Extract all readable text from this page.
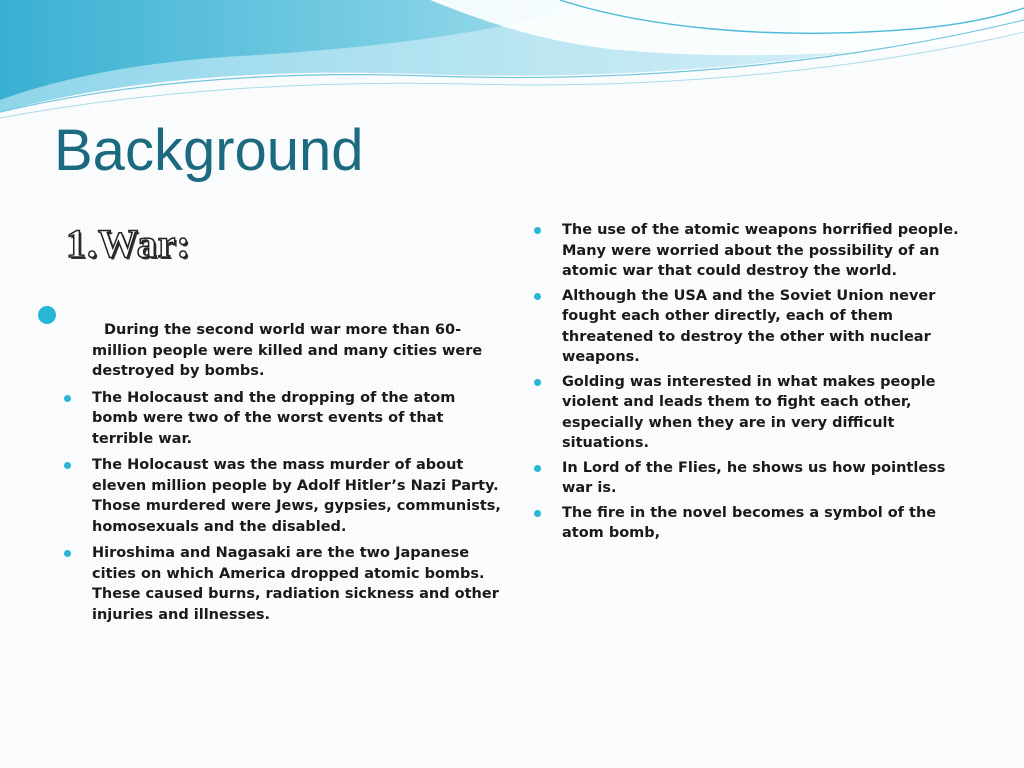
Background
1.War:
During the second world war more than 60-million people were killed and many cities were destroyed by bombs.
The Holocaust and the dropping of the atom bomb were two of the worst events of that terrible war.
The Holocaust was the mass murder of about eleven million people by Adolf Hitler’s Nazi Party. Those murdered were Jews, gypsies, communists, homosexuals and the disabled.
Hiroshima and Nagasaki are the two Japanese cities on which America dropped atomic bombs. These caused burns, radiation sickness and other injuries and illnesses.
The use of the atomic weapons horrified people. Many were worried about the possibility of an atomic war that could destroy the world.
Although the USA and the Soviet Union never fought each other directly, each of them threatened to destroy the other with nuclear weapons.
Golding was interested in what makes people violent and leads them to fight each other, especially when they are in very difficult situations.
In Lord of the Flies, he shows us how pointless war is.
The fire in the novel becomes a symbol of the atom bomb,
